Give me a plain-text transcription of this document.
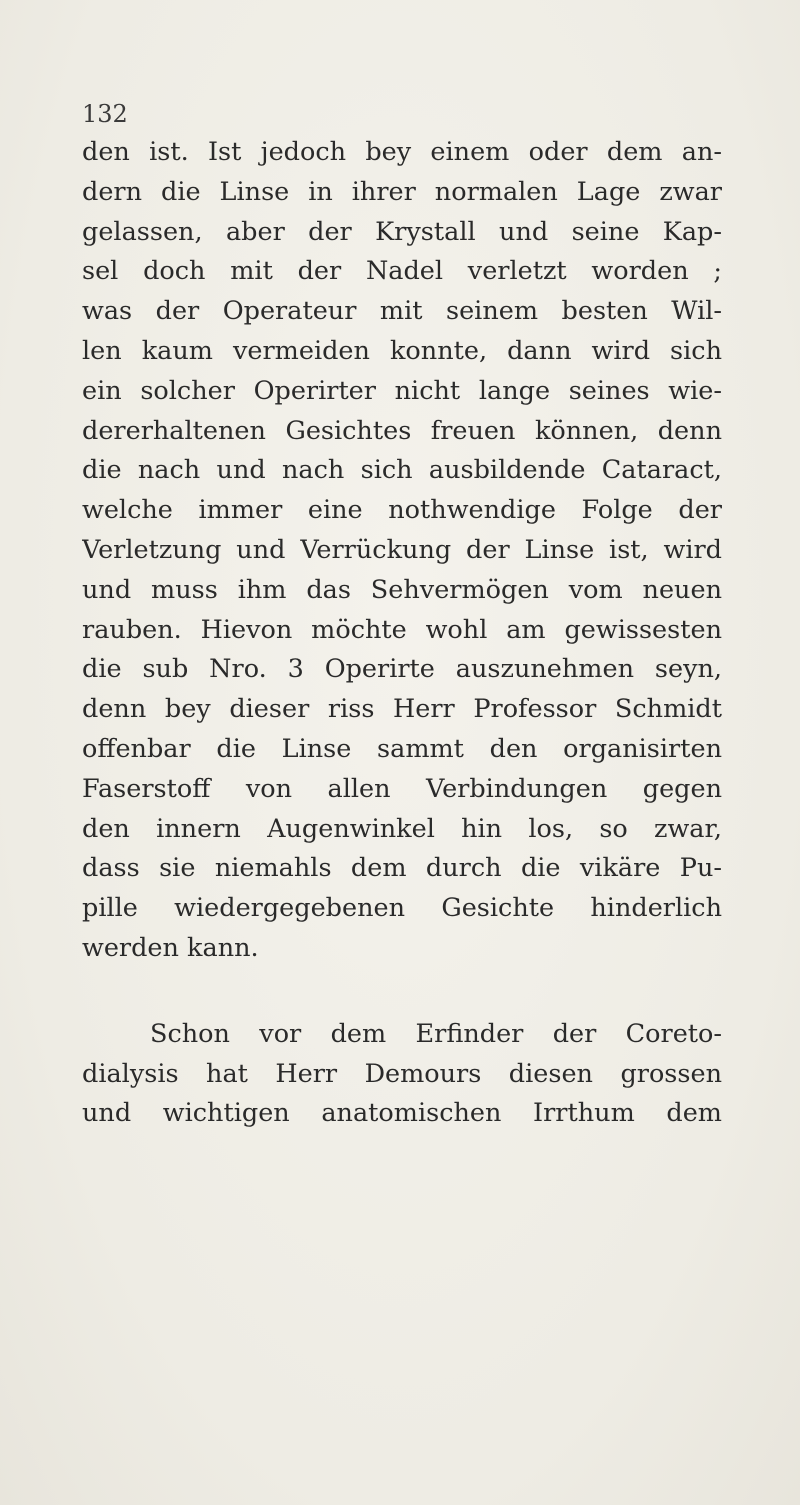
132
den ist. Ist jedoch bey einem oder dem an-
dern die Linse in ihrer normalen Lage zwar
gelassen, aber der Krystall und seine Kap-
sel doch mit der Nadel verletzt worden ;
was der Operateur mit seinem besten Wil-
len kaum vermeiden konnte, dann wird sich
ein solcher Operirter nicht lange seines wie-
dererhaltenen Gesichtes freuen können, denn
die nach und nach sich ausbildende Cataract,
welche immer eine nothwendige Folge der
Verletzung und Verrückung der Linse ist, wird
und muss ihm das Sehvermögen vom neuen
rauben. Hievon möchte wohl am gewissesten
die sub Nro. 3 Operirte auszunehmen seyn,
denn bey dieser riss Herr Professor Schmidt
offenbar die Linse sammt den organisirten
Faserstoff von allen Verbindungen gegen
den innern Augenwinkel hin los, so zwar,
dass sie niemahls dem durch die vikäre Pu-
pille wiedergegebenen Gesichte hinderlich
werden kann.
Schon vor dem Erfinder der Coreto-
dialysis hat Herr Demours diesen grossen
und wichtigen anatomischen Irrthum dem
